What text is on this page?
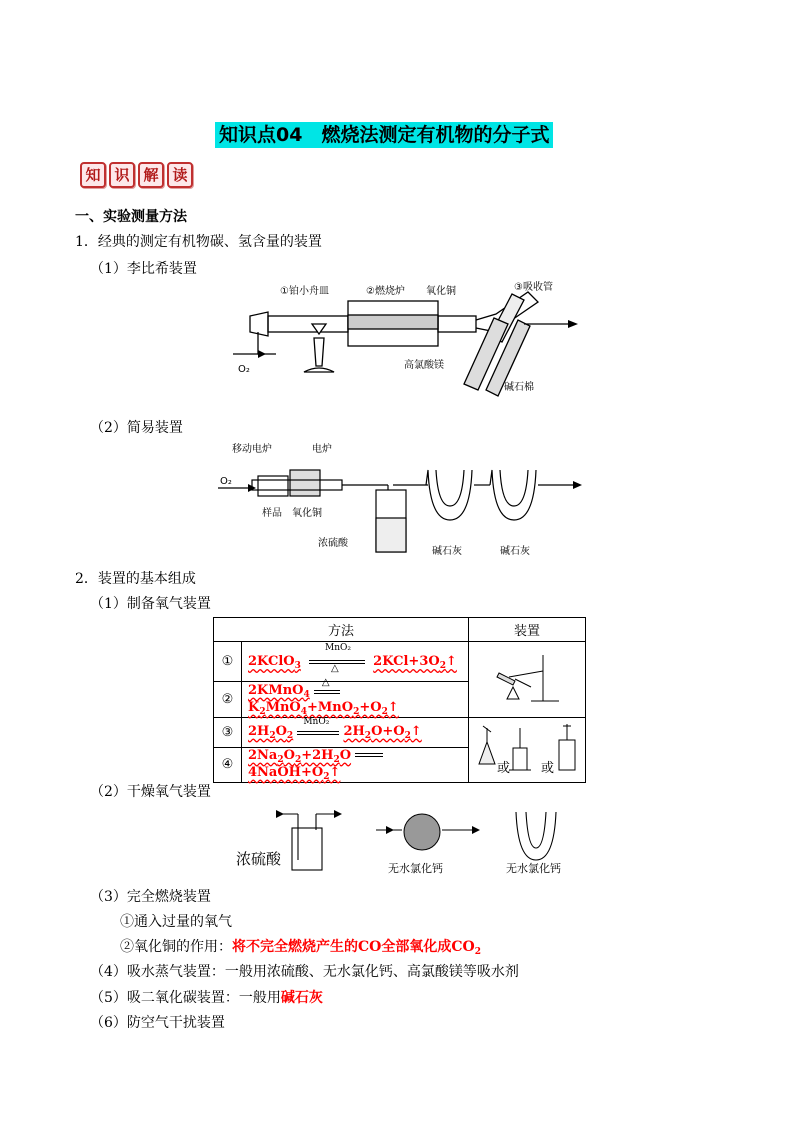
知识点04　燃烧法测定有机物的分子式
知 识 解 读
一、实验测量方法
1．经典的测定有机物碳、氢含量的装置
（1）李比希装置
①铂小舟皿	②燃烧炉 氧化铜	③吸收管
高氯酸镁
碱石棉
O₂
（2）简易装置
移动电炉	电炉
O₂
样品 氧化铜
浓硫酸
碱石灰	碱石灰
2．装置的基本组成
（1）制备氧气装置
方法		装置
①	2KClO$_3$
MnO₂
△ $2KCl+3O_2↑$	
②	2KMnO$_4$
△
$K_2MnO_4+MnO_2+O_2↑$	
③	$2H_2O_2$
MnO₂
$2H_2O+O_2↑$	或 或

④	$2Na_2O_2+2H_2O$
$4NaOH+O_2↑$	
（2）干燥氧气装置
浓硫酸
无水氯化钙	无水氯化钙
（3）完全燃烧装置
①通入过量的氧气
②氧化铜的作用：将不完全燃烧产生的CO全部氧化成$CO_2$
（4）吸水蒸气装置：一般用浓硫酸、无水氯化钙、高氯酸镁等吸水剂
（5）吸二氧化碳装置：一般用碱石灰
（6）防空气干扰装置
